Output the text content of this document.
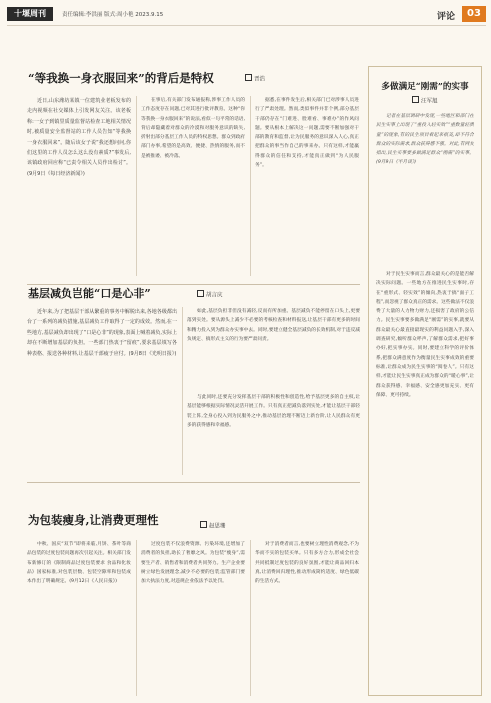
十堰周刊	责任编辑:李洪丽 版式:周小艳 2023.9.15	评论	03
“等我换一身衣服回来”的背后是特权	晋浩

近日,山东潍坊某镇一位建筑业老板发布的走内视频在社交媒体上引发网友关注。该老板称:一女子到镇里质量监督站检查工地相关情况时,被质量安全监督站的工作人员告知“等我换一身衣服回来”。随后该女子说“我还想问问,你们这里的工作人员怎么这么没有素质?”事发后,该镇政府回应称“已责令相关人员作出检讨”。(9月9日《每日经济新闻》)

在事后,有关部门发布通报称,涉事工作人员的工作态度存在问题,已对其进行批评教育。这种“你等我换一身衣服回来”的说法,看似一句平常的话语,背后却隐藏着对群众的冷漠和对服务意识的缺失,折射出部分基层工作人员的特权思想。群众到政府部门办事,希望的是高效、便捷、热情的服务,而不是被推诿、被冷落。

据悉,在事件发生后,相关部门已对涉事人员进行了严肃处理。然而,类似事件并非个例,部分基层干部仍存在“门难进、脸难看、事难办”的作风问题。要从根本上解决这一问题,需要不断加强对干部的教育和监督,让为民服务的意识深入人心,真正把群众的事当作自己的事来办。只有这样,才能赢得群众的信任和支持,才能真正做到“为人民服务”。

基层减负岂能“口是心非”	胡言庆

近年来,为了把基层干部从繁重的事务中解脱出来,各地各级都出台了一系列的减负措施,基层减负工作取得了一定的成效。然而,在一些地方,基层减负却出现了“口是心非”的现象,表面上喊着减负,实际上却在不断增加基层的负担。一些部门热衷于“留痕”,要求基层填写各种表格、报送各种材料,让基层干部疲于应付。(9月8日《光明日报》)

如此,基层负担非但没有减轻,反而有所加重。基层减负不能停留在口头上,更要落到实处。要从源头上减少不必要的考核检查和材料报送,让基层干部有更多的时间和精力投入到为群众办实事中去。同时,要建立健全基层减负的长效机制,对于违反减负规定、搞形式主义的行为要严肃问责。

与此同时,还要充分发挥基层干部的积极性和创造性,给予基层更多的自主权,让基层能够根据实际情况灵活开展工作。只有真正把减负落到实处,才能让基层干部轻装上阵,全身心投入到为民服务之中,推动基层治理不断迈上新台阶,让人民群众有更多的获得感和幸福感。

为包装瘦身,让消费更理性	赵思珊

中秋、国庆“双节”即将来临,月饼、茶叶等商品包装的过度包装问题再次引起关注。相关部门发布新修订的《限制商品过度包装要求 食品和化妆品》国家标准,对包装层数、包装空隙率和包装成本作出了明确规定。(9月12日《人民日报》)

过度包装不仅浪费资源、污染环境,还增加了消费者的负担,助长了奢靡之风。为包装“瘦身”,需要生产者、销售者和消费者共同努力。生产企业要树立绿色发展理念,减少不必要的包装;监管部门要加大执法力度,对违规企业依法予以处罚。

对于消费者而言,也要树立理性消费观念,不为华而不实的包装买单。只有多方合力,形成全社会共同抵制过度包装的良好氛围,才能让商品回归本真,让消费回归理性,推动形成简约适度、绿色低碳的生活方式。

多做满足“刚需”的实事
汪军旭

记者在基层调研中发现,一些地区和部门在民生实事上出现了“重投入轻实效”“重数量轻质量”的现象,有的民生项目看起来很美,却不符合群众的实际需求,群众获得感不强。对此,有网友指出,民生实事要多做满足群众“刚需”的实事。(9月9日《半月谈》)

对于民生实事而言,群众最关心的是能否解决实际问题。一些地方在推进民生实事时,存在“重形式、轻实效”的倾向,热衷于搞“面子工程”,而忽视了群众真正的需求。这些做法不仅浪费了大量的人力物力财力,还损害了政府的公信力。民生实事要多做满足“刚需”的实事,就要从群众最关心最直接最现实的利益问题入手,深入调查研究,倾听群众呼声,了解群众需求,把好事办好,把实事办实。同时,要建立科学的评价体系,把群众满意度作为衡量民生实事成效的重要标准,让群众成为民生实事的“阅卷人”。只有这样,才能让民生实事真正成为群众的“暖心事”,让群众获得感、幸福感、安全感更加充实、更有保障、更可持续。
